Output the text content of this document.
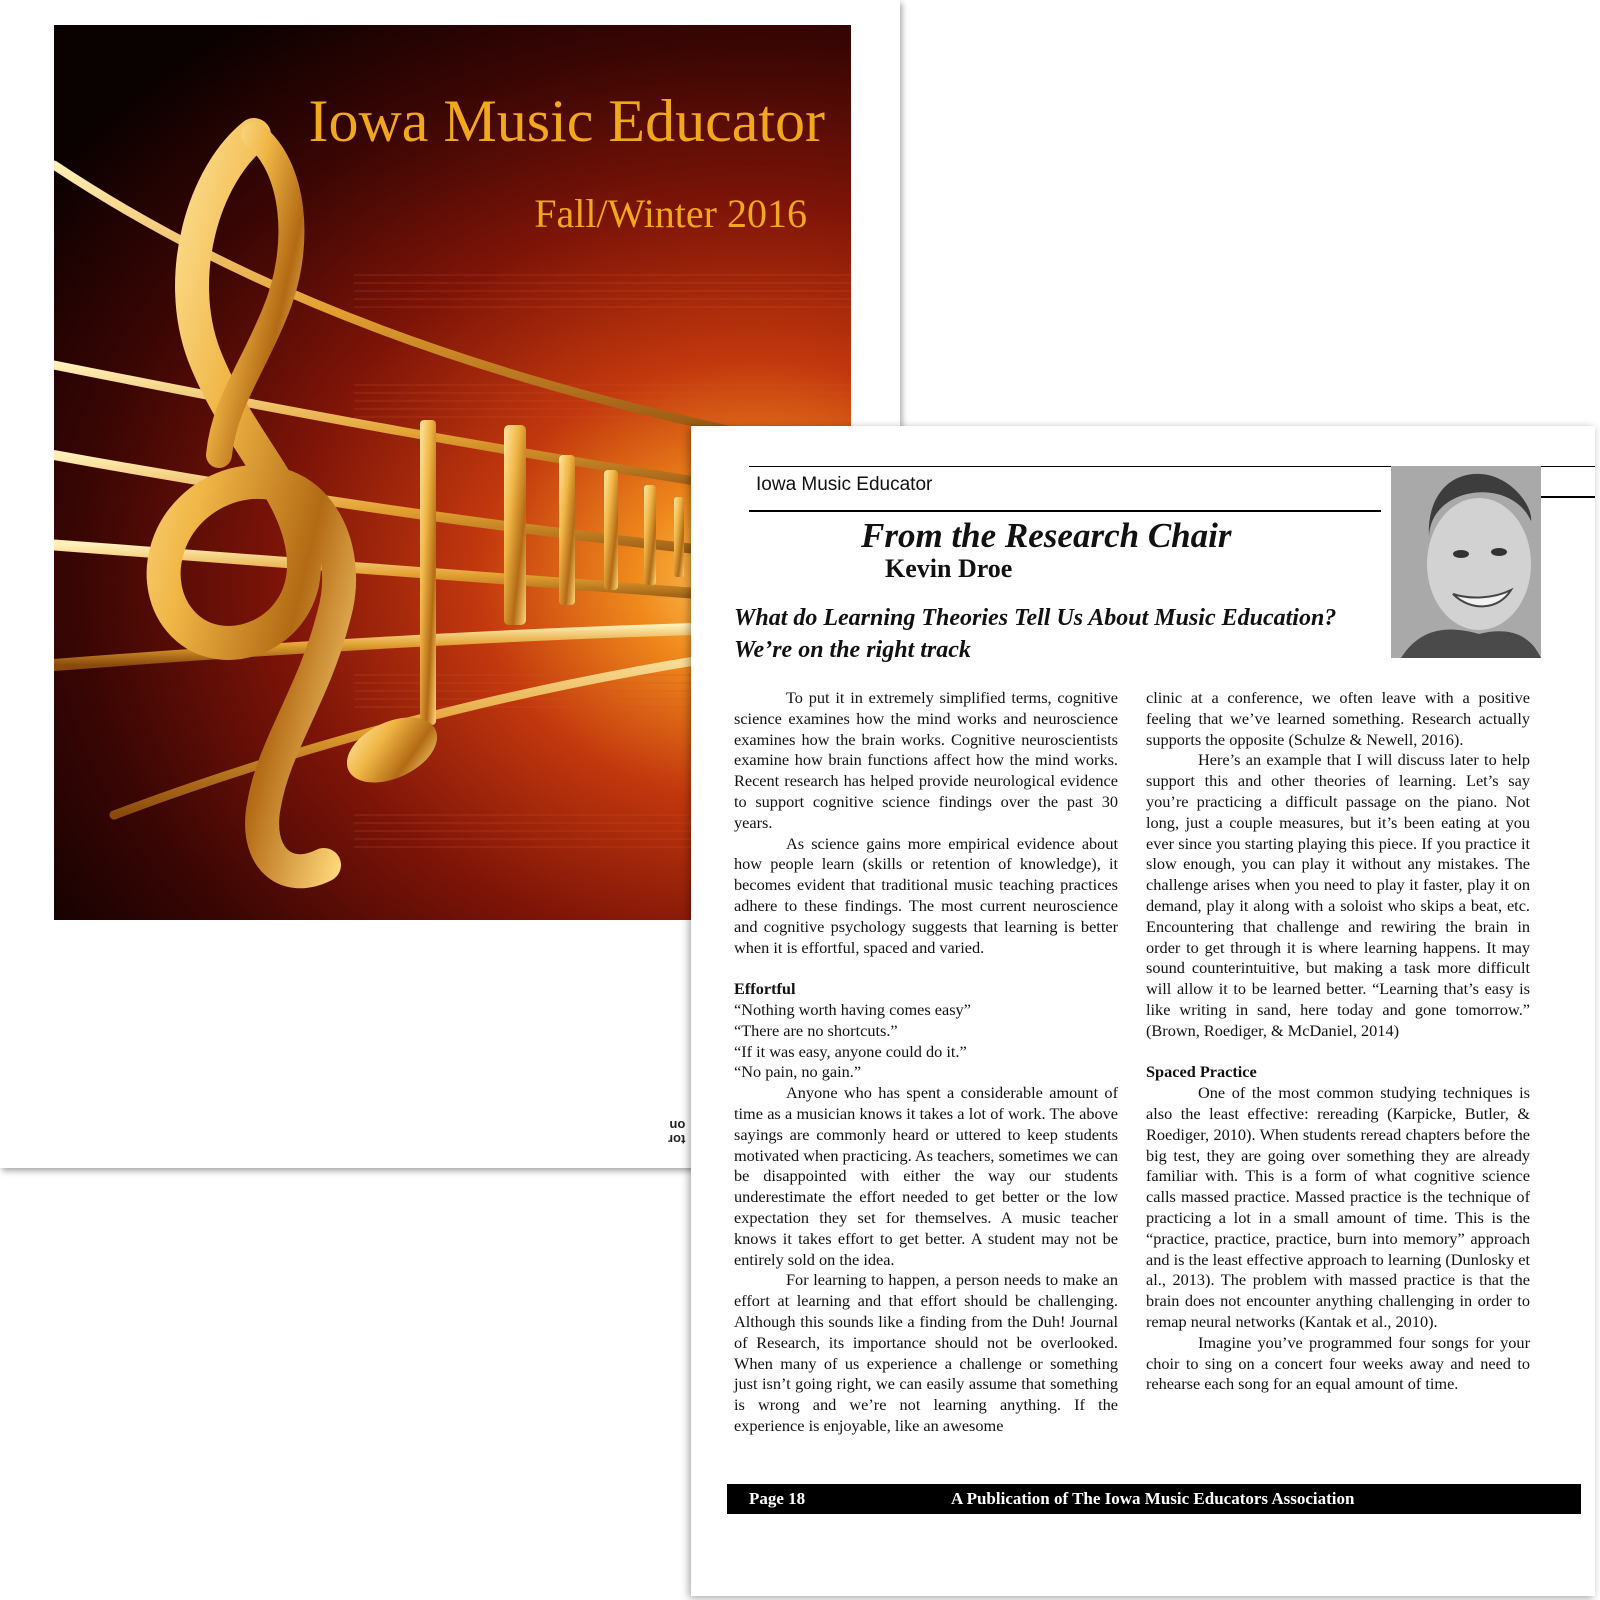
Iowa Music Educator
Fall/Winter 2016
tor
on
Iowa Music Educator
From the Research Chair
Kevin Droe
What do Learning Theories Tell Us About Music Education?
We’re on the right track

To put it in extremely simplified terms, cognitive science examines how the mind works and neuroscience examines how the brain works. Cognitive neuroscientists examine how brain functions affect how the mind works. Recent research has helped provide neurological evidence to support cognitive science findings over the past 30 years.

As science gains more empirical evidence about how people learn (skills or retention of knowledge), it becomes evident that traditional music teaching practices adhere to these findings. The most current neuroscience and cognitive psychology suggests that learning is better when it is effortful, spaced and varied.

Effortful

“Nothing worth having comes easy”

“There are no shortcuts.”

“If it was easy, anyone could do it.”

“No pain, no gain.”

Anyone who has spent a considerable amount of time as a musician knows it takes a lot of work. The above sayings are commonly heard or uttered to keep students motivated when practicing. As teachers, sometimes we can be disappointed with either the way our students underestimate the effort needed to get better or the low expectation they set for themselves. A music teacher knows it takes effort to get better. A student may not be entirely sold on the idea.

For learning to happen, a person needs to make an effort at learning and that effort should be challenging. Although this sounds like a finding from the Duh! Journal of Research, its importance should not be overlooked. When many of us experience a challenge or something just isn’t going right, we can easily assume that something is wrong and we’re not learning anything. If the experience is enjoyable, like an awesome

clinic at a conference, we often leave with a positive feeling that we’ve learned something. Research actually supports the opposite (Schulze & Newell, 2016).

Here’s an example that I will discuss later to help support this and other theories of learning. Let’s say you’re practicing a difficult passage on the piano. Not long, just a couple measures, but it’s been eating at you ever since you starting playing this piece. If you practice it slow enough, you can play it without any mistakes. The challenge arises when you need to play it faster, play it on demand, play it along with a soloist who skips a beat, etc. Encountering that challenge and rewiring the brain in order to get through it is where learning happens. It may sound counterintuitive, but making a task more difficult will allow it to be learned better. “Learning that’s easy is like writing in sand, here today and gone tomorrow.” (Brown, Roediger, & McDaniel, 2014)

Spaced Practice

One of the most common studying techniques is also the least effective: rereading (Karpicke, Butler, & Roediger, 2010). When students reread chapters before the big test, they are going over something they are already familiar with. This is a form of what cognitive science calls massed practice. Massed practice is the technique of practicing a lot in a small amount of time. This is the “practice, practice, practice, burn into memory” approach and is the least effective approach to learning (Dunlosky et al., 2013). The problem with massed practice is that the brain does not encounter anything challenging in order to remap neural networks (Kantak et al., 2010).

Imagine you’ve programmed four songs for your choir to sing on a concert four weeks away and need to rehearse each song for an equal amount of time.

Page 18	A Publication of The Iowa Music Educators Association
